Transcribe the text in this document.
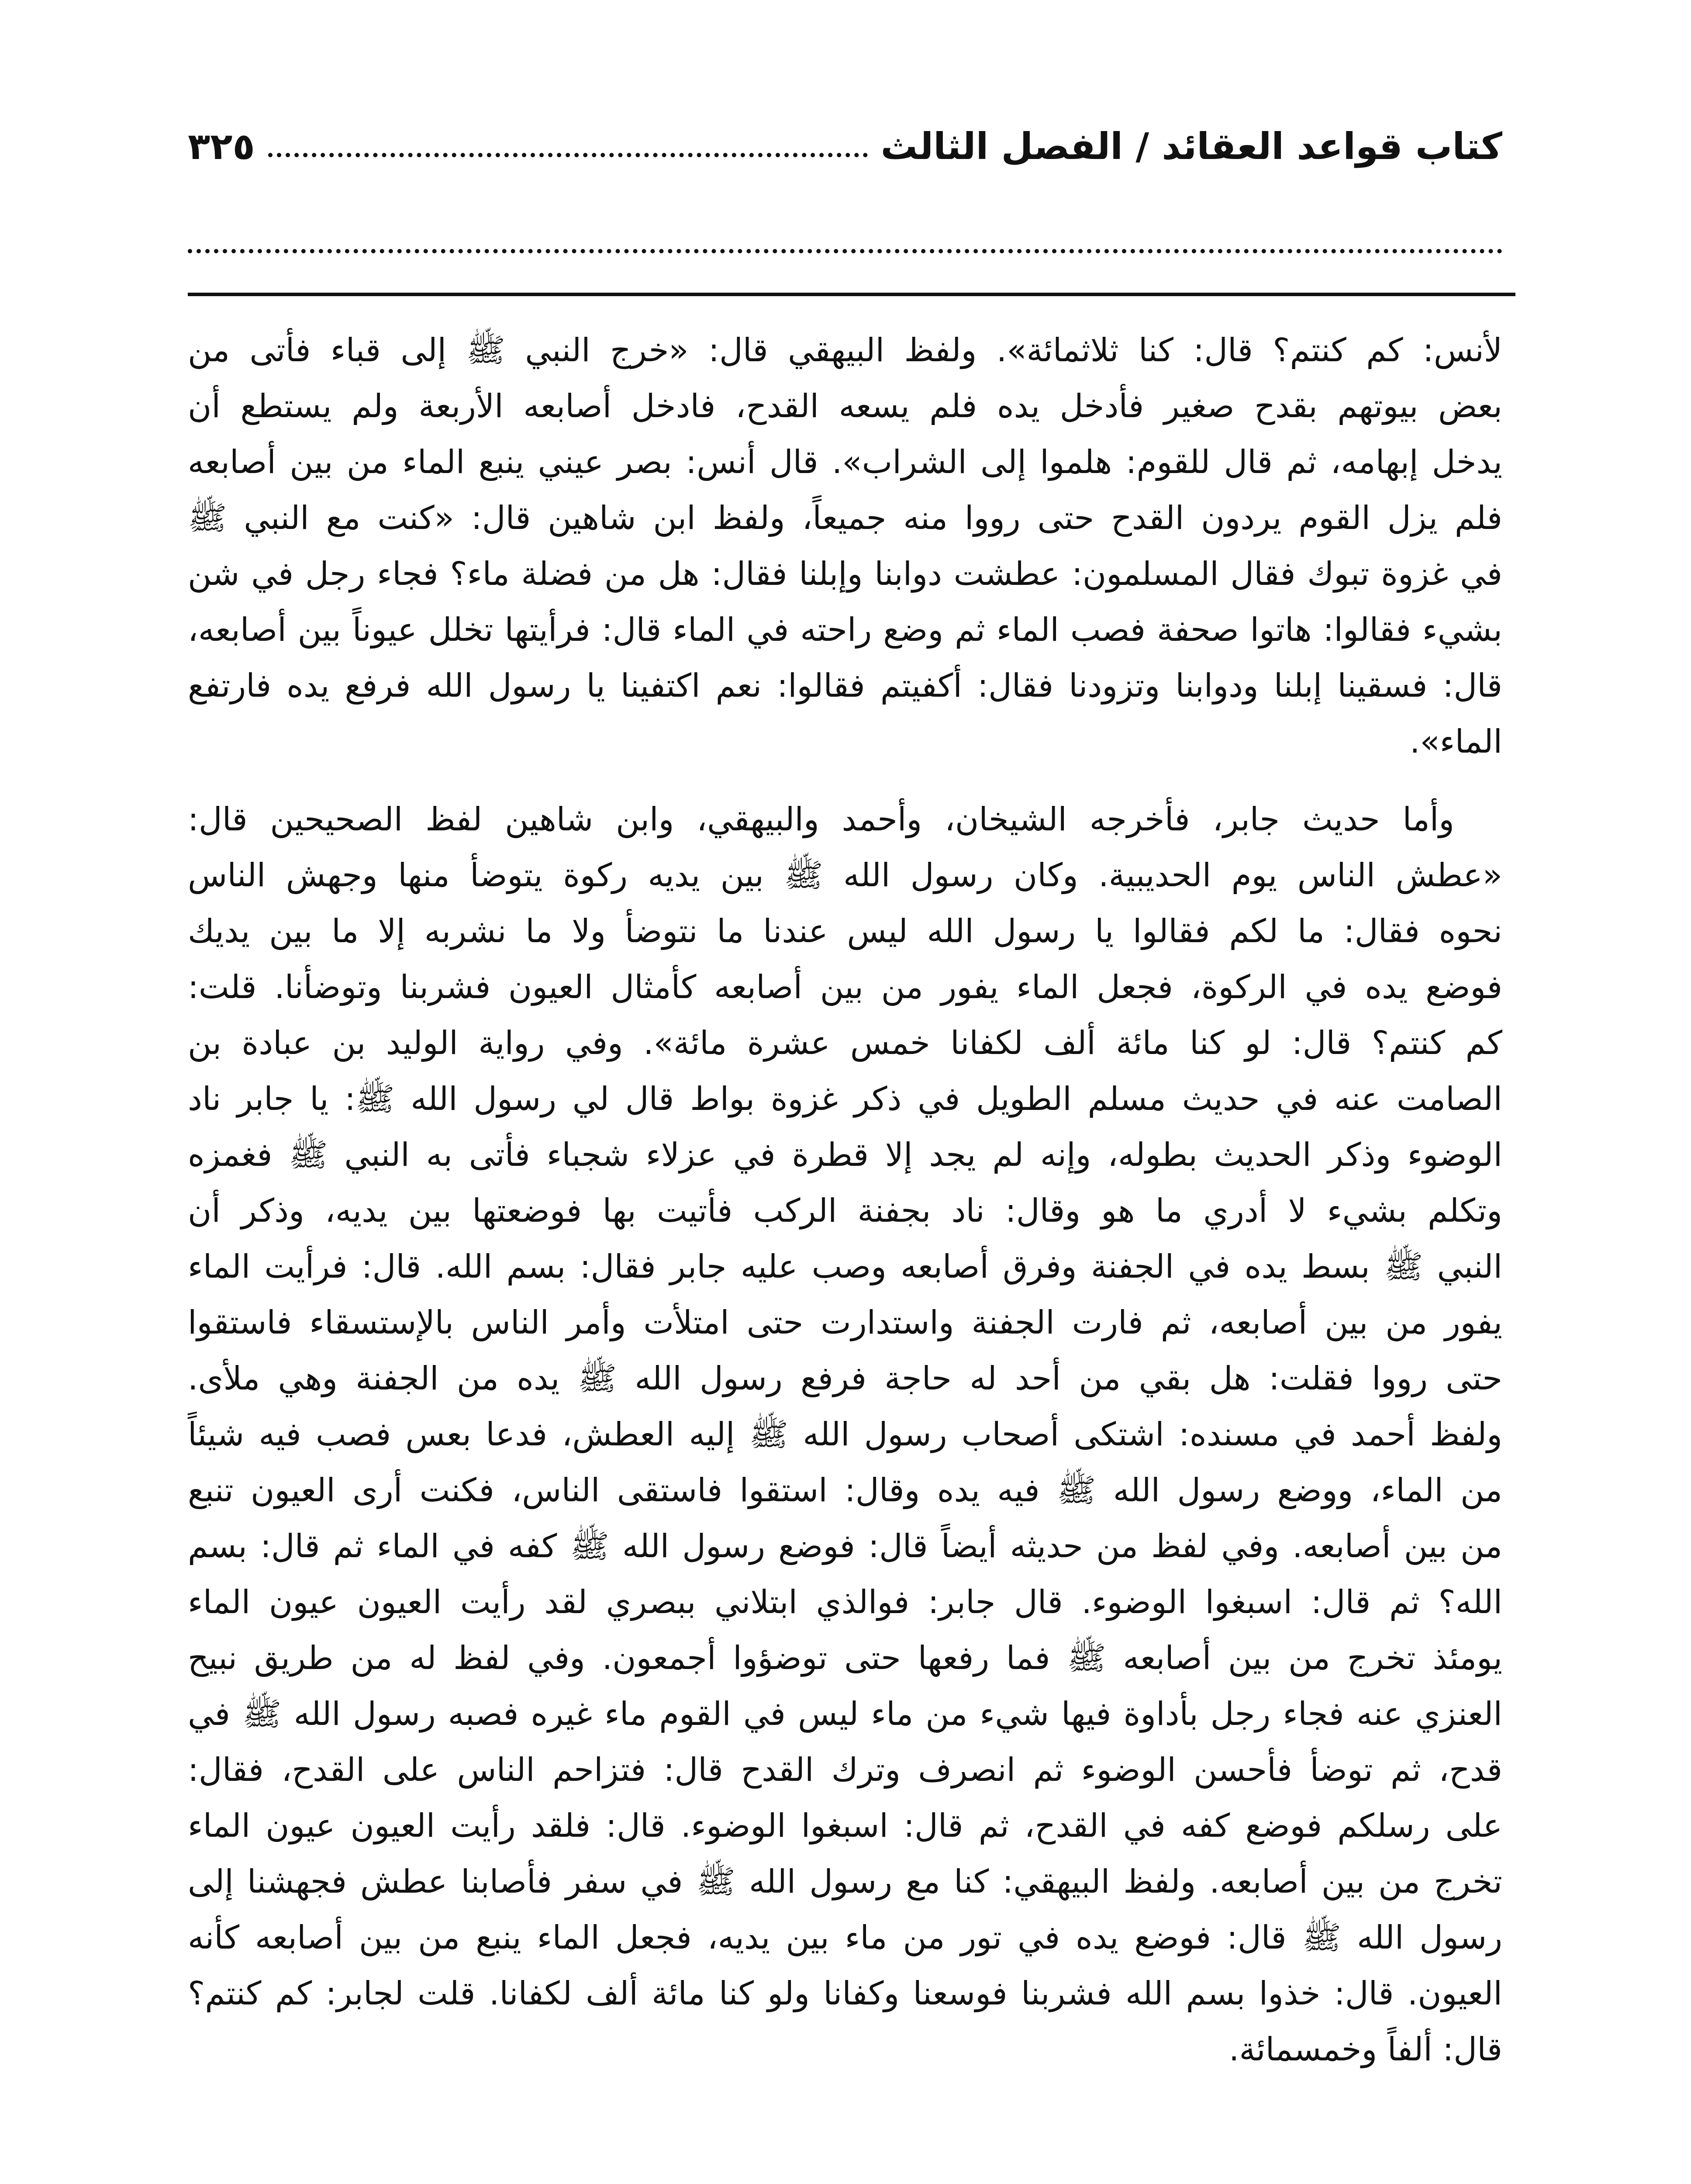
كتاب قواعد العقائد / الفصل الثالث
٣٢٥
لأنس: كم كنتم؟ قال: كنا ثلاثمائة». ولفظ البيهقي قال: «خرج النبي ﷺ إلى قباء فأتى من
بعض بيوتهم بقدح صغير فأدخل يده فلم يسعه القدح، فادخل أصابعه الأربعة ولم يستطع أن
يدخل إبهامه، ثم قال للقوم: هلموا إلى الشراب». قال أنس: بصر عيني ينبع الماء من بين أصابعه
فلم يزل القوم يردون القدح حتى رووا منه جميعاً، ولفظ ابن شاهين قال: «كنت مع النبي ﷺ
في غزوة تبوك فقال المسلمون: عطشت دوابنا وإبلنا فقال: هل من فضلة ماء؟ فجاء رجل في شن
بشيء فقالوا: هاتوا صحفة فصب الماء ثم وضع راحته في الماء قال: فرأيتها تخلل عيوناً بين أصابعه،
قال: فسقينا إبلنا ودوابنا وتزودنا فقال: أكفيتم فقالوا: نعم اكتفينا يا رسول الله فرفع يده فارتفع
الماء».
وأما حديث جابر، فأخرجه الشيخان، وأحمد والبيهقي، وابن شاهين لفظ الصحيحين قال:
«عطش الناس يوم الحديبية. وكان رسول الله ﷺ بين يديه ركوة يتوضأ منها وجهش الناس
نحوه فقال: ما لكم فقالوا يا رسول الله ليس عندنا ما نتوضأ ولا ما نشربه إلا ما بين يديك
فوضع يده في الركوة، فجعل الماء يفور من بين أصابعه كأمثال العيون فشربنا وتوضأنا. قلت:
كم كنتم؟ قال: لو كنا مائة ألف لكفانا خمس عشرة مائة». وفي رواية الوليد بن عبادة بن
الصامت عنه في حديث مسلم الطويل في ذكر غزوة بواط قال لي رسول الله ﷺ: يا جابر ناد
الوضوء وذكر الحديث بطوله، وإنه لم يجد إلا قطرة في عزلاء شجباء فأتى به النبي ﷺ فغمزه
وتكلم بشيء لا أدري ما هو وقال: ناد بجفنة الركب فأتيت بها فوضعتها بين يديه، وذكر أن
النبي ﷺ بسط يده في الجفنة وفرق أصابعه وصب عليه جابر فقال: بسم الله. قال: فرأيت الماء
يفور من بين أصابعه، ثم فارت الجفنة واستدارت حتى امتلأت وأمر الناس بالإستسقاء فاستقوا
حتى رووا فقلت: هل بقي من أحد له حاجة فرفع رسول الله ﷺ يده من الجفنة وهي ملأى.
ولفظ أحمد في مسنده: اشتكى أصحاب رسول الله ﷺ إليه العطش، فدعا بعس فصب فيه شيئاً
من الماء، ووضع رسول الله ﷺ فيه يده وقال: استقوا فاستقى الناس، فكنت أرى العيون تنبع
من بين أصابعه. وفي لفظ من حديثه أيضاً قال: فوضع رسول الله ﷺ كفه في الماء ثم قال: بسم
الله؟ ثم قال: اسبغوا الوضوء. قال جابر: فوالذي ابتلاني ببصري لقد رأيت العيون عيون الماء
يومئذ تخرج من بين أصابعه ﷺ فما رفعها حتى توضؤوا أجمعون. وفي لفظ له من طريق نبيح
العنزي عنه فجاء رجل بأداوة فيها شيء من ماء ليس في القوم ماء غيره فصبه رسول الله ﷺ في
قدح، ثم توضأ فأحسن الوضوء ثم انصرف وترك القدح قال: فتزاحم الناس على القدح، فقال:
على رسلكم فوضع كفه في القدح، ثم قال: اسبغوا الوضوء. قال: فلقد رأيت العيون عيون الماء
تخرج من بين أصابعه. ولفظ البيهقي: كنا مع رسول الله ﷺ في سفر فأصابنا عطش فجهشنا إلى
رسول الله ﷺ قال: فوضع يده في تور من ماء بين يديه، فجعل الماء ينبع من بين أصابعه كأنه
العيون. قال: خذوا بسم الله فشربنا فوسعنا وكفانا ولو كنا مائة ألف لكفانا. قلت لجابر: كم كنتم؟
قال: ألفاً وخمسمائة.
